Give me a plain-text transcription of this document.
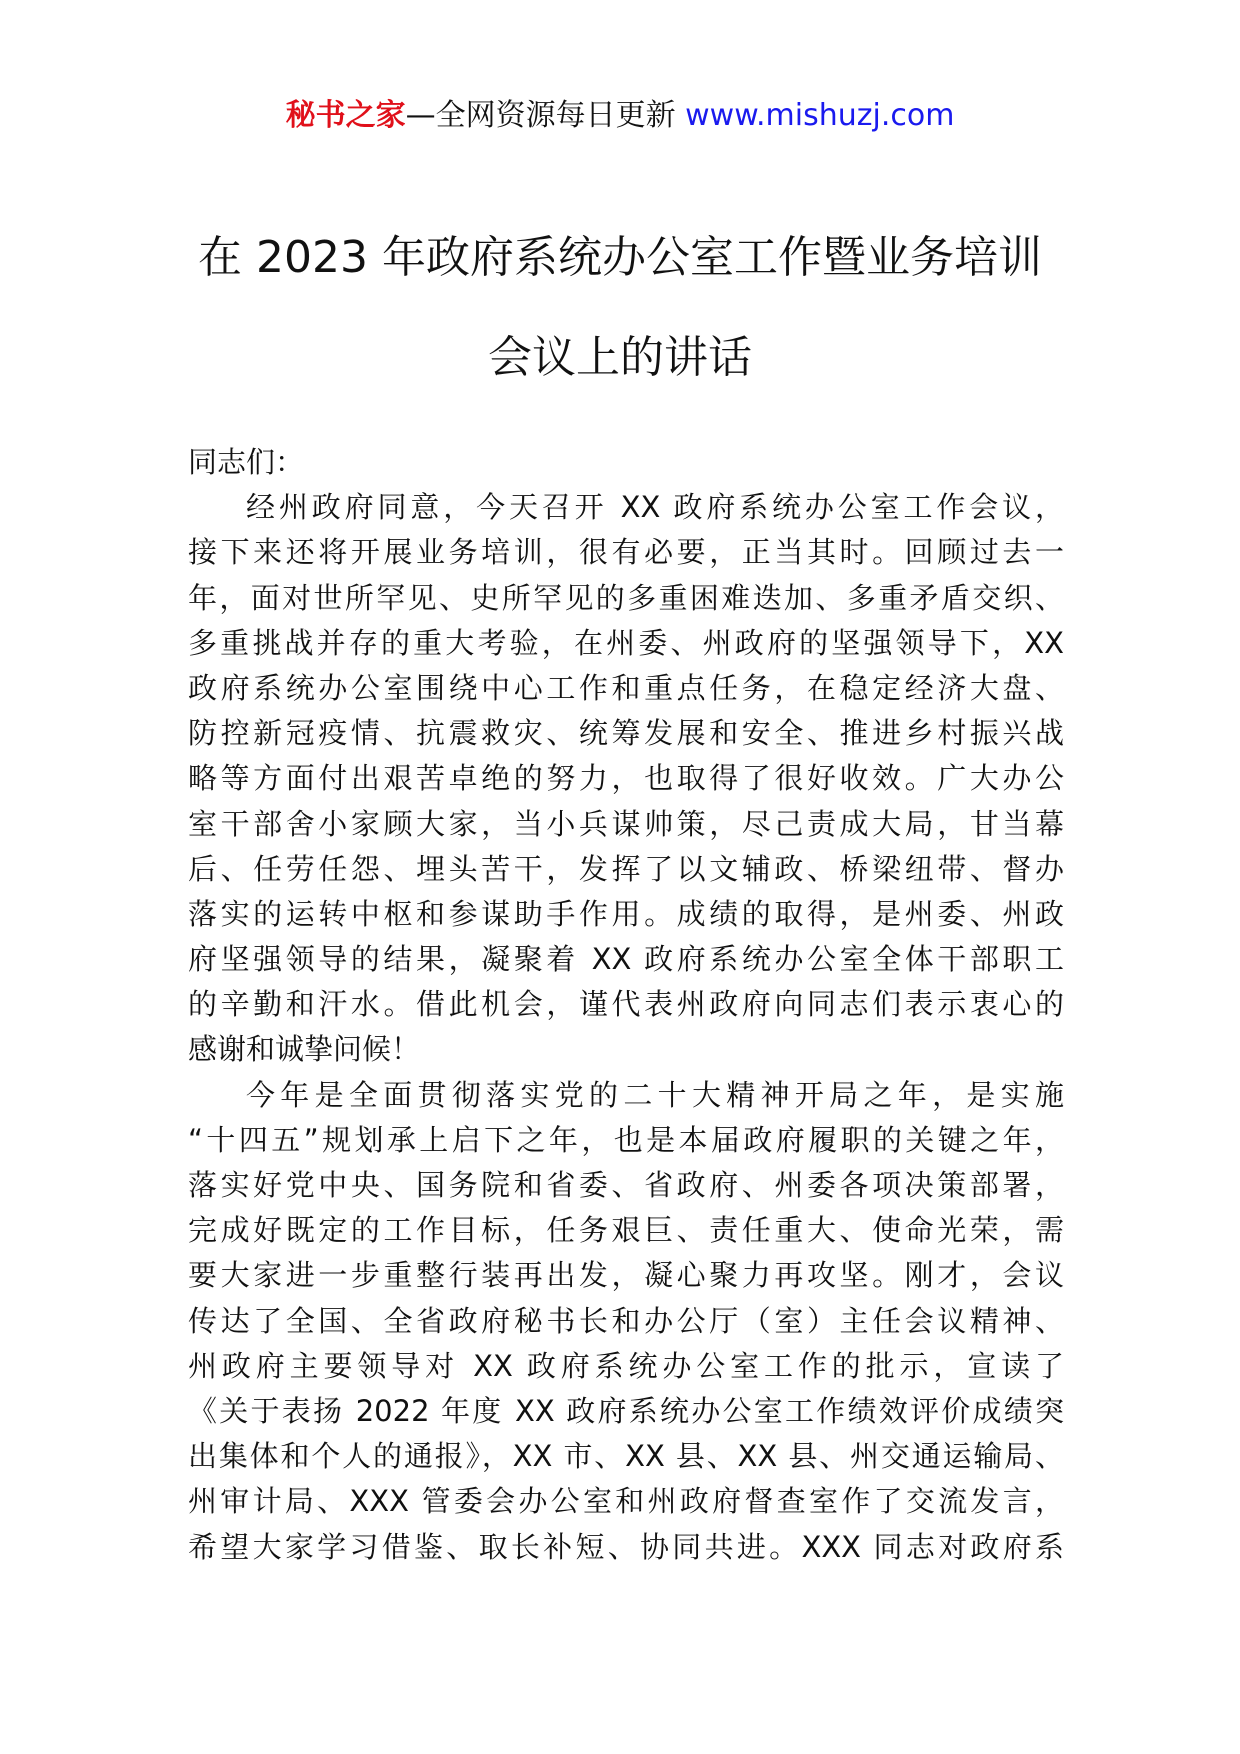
秘书之家—全网资源每日更新 www.mishuzj.com
在 2023 年政府系统办公室工作暨业务培训
会议上的讲话
同志们：
经州政府同意，今天召开 XX 政府系统办公室工作会议，
接下来还将开展业务培训，很有必要，正当其时。回顾过去一
年，面对世所罕见、史所罕见的多重困难迭加、多重矛盾交织、
多重挑战并存的重大考验，在州委、州政府的坚强领导下，XX
政府系统办公室围绕中心工作和重点任务，在稳定经济大盘、
防控新冠疫情、抗震救灾、统筹发展和安全、推进乡村振兴战
略等方面付出艰苦卓绝的努力，也取得了很好收效。广大办公
室干部舍小家顾大家，当小兵谋帅策，尽己责成大局，甘当幕
后、任劳任怨、埋头苦干，发挥了以文辅政、桥梁纽带、督办
落实的运转中枢和参谋助手作用。成绩的取得，是州委、州政
府坚强领导的结果，凝聚着 XX 政府系统办公室全体干部职工
的辛勤和汗水。借此机会，谨代表州政府向同志们表示衷心的
感谢和诚挚问候！
今年是全面贯彻落实党的二十大精神开局之年，是实施
“十四五”规划承上启下之年，也是本届政府履职的关键之年，
落实好党中央、国务院和省委、省政府、州委各项决策部署，
完成好既定的工作目标，任务艰巨、责任重大、使命光荣，需
要大家进一步重整行装再出发，凝心聚力再攻坚。刚才，会议
传达了全国、全省政府秘书长和办公厅（室）主任会议精神、
州政府主要领导对 XX 政府系统办公室工作的批示，宣读了
《关于表扬 2022 年度 XX 政府系统办公室工作绩效评价成绩突
出集体和个人的通报》，XX 市、XX 县、XX 县、州交通运输局、
州审计局、XXX 管委会办公室和州政府督查室作了交流发言，
希望大家学习借鉴、取长补短、协同共进。XXX 同志对政府系
